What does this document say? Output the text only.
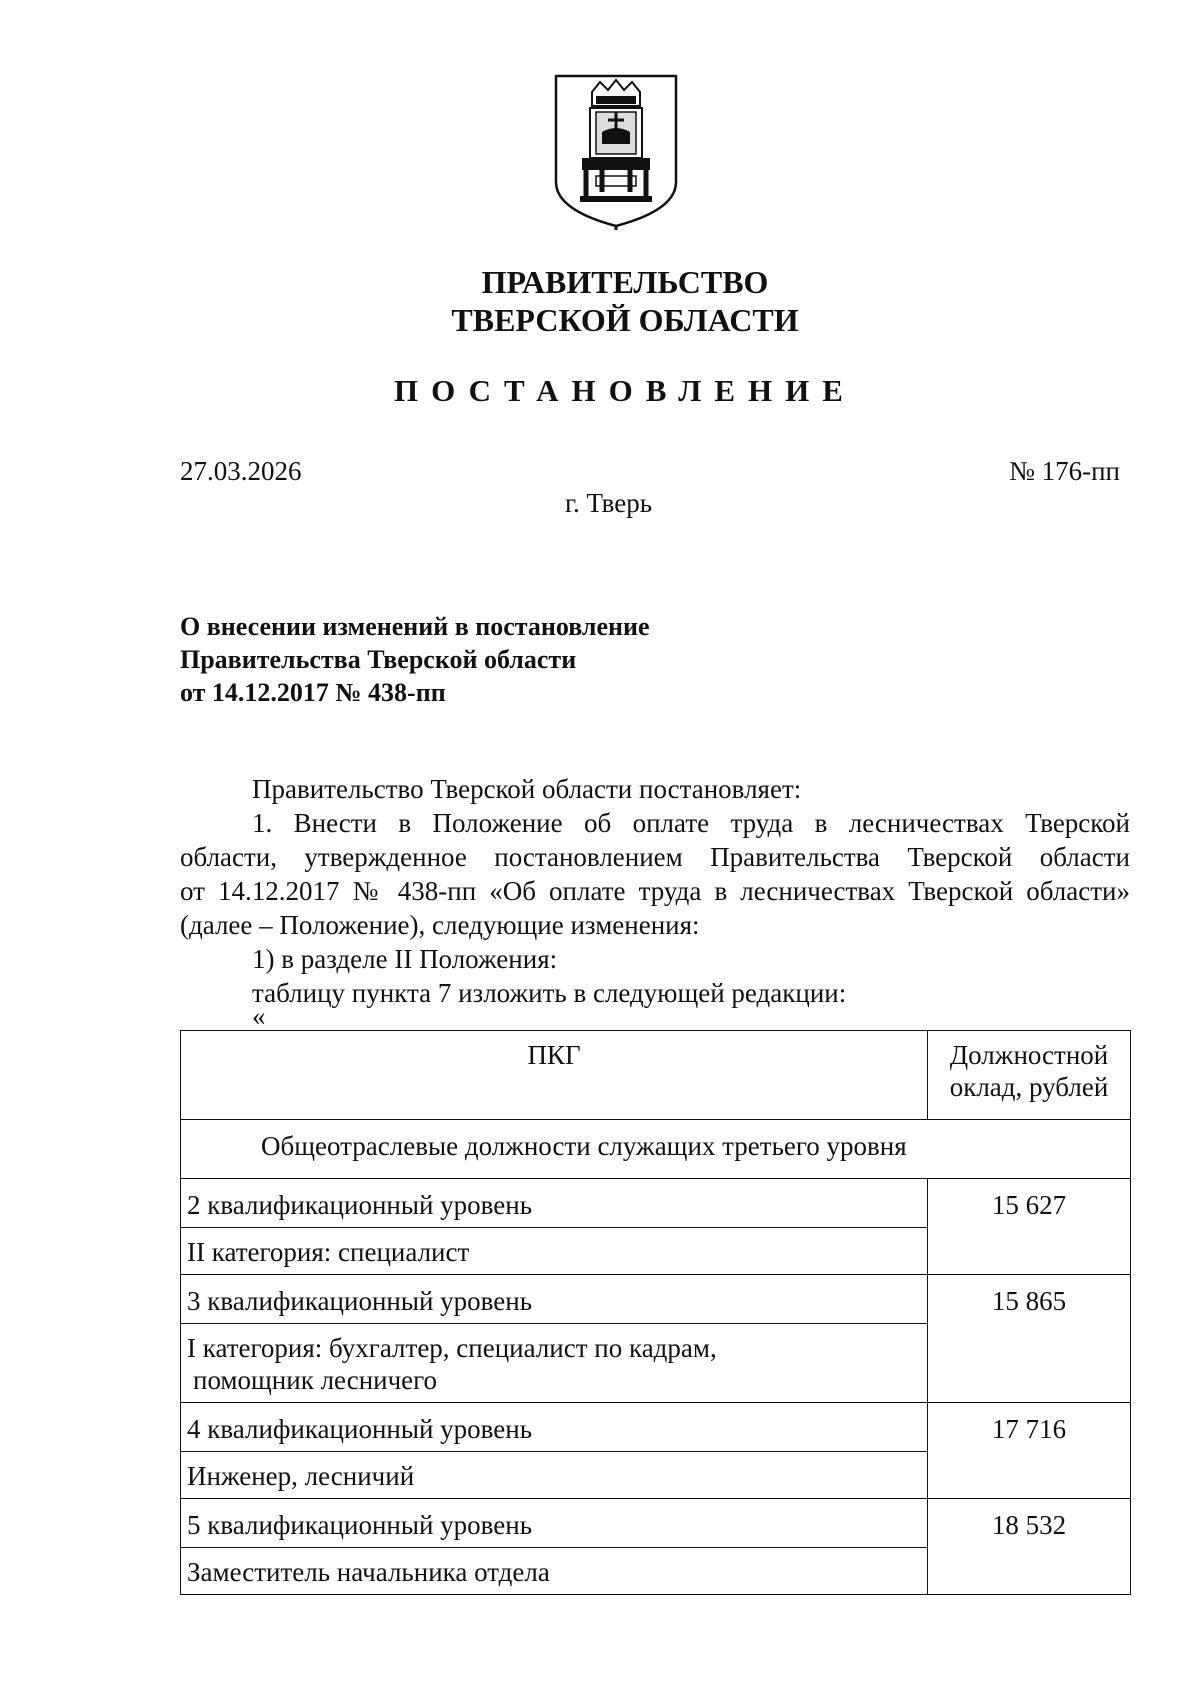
ПРАВИТЕЛЬСТВО
ТВЕРСКОЙ ОБЛАСТИ
ПОСТАНОВЛЕНИЕ
27.03.2026	№ 176-пп
г. Тверь
О внесении изменений в постановление
Правительства Тверской области
от 14.12.2017 № 438-пп
Правительство Тверской области постановляет:
1. Внести в Положение об оплате труда в лесничествах Тверской
области, утвержденное постановлением Правительства Тверской области
от 14.12.2017 № 438-пп «Об оплате труда в лесничествах Тверской области»
(далее – Положение), следующие изменения:
1) в разделе II Положения:
таблицу пункта 7 изложить в следующей редакции:
«
ПКГ	Должностной
оклад, рублей

Общеотраслевые должности служащих третьего уровня	
2 квалификационный уровень	15 627
II категория: специалист	
3 квалификационный уровень	15 865

I категория: бухгалтер, специалист по кадрам,
помощник лесничего	

4 квалификационный уровень	17 716
Инженер, лесничий	
5 квалификационный уровень	18 532
Заместитель начальника отдела	
